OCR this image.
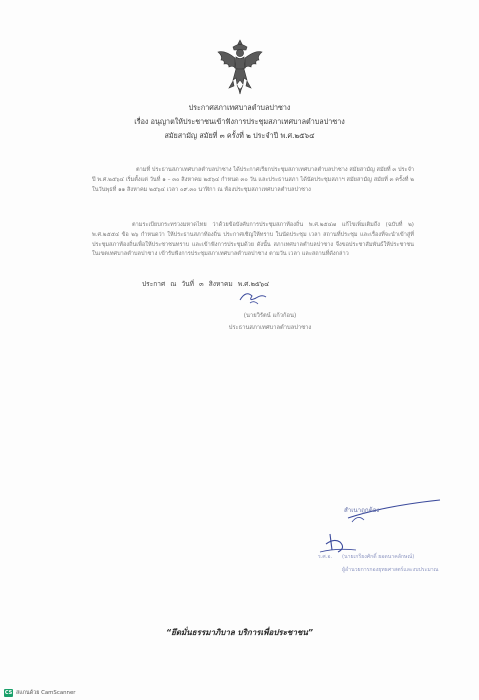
ประกาศสภาเทศบาลตำบลปาซาง
เรื่อง อนุญาตให้ประชาชนเข้าฟังการประชุมสภาเทศบาลตำบลปาซาง
สมัยสามัญ สมัยที่ ๓ ครั้งที่ ๒ ประจำปี พ.ศ.๒๕๖๔
ตามที่ ประธานสภาเทศบาลตำบลปาซาง ได้ประกาศเรียกประชุมสภาเทศบาลตำบลปาซาง สมัยสามัญ สมัยที่ ๓ ประจำปี พ.ศ.๒๕๖๔ เริ่มตั้งแต่ วันที่ ๑ – ๓๐ สิงหาคม ๒๕๖๔ กำหนด ๓๐ วัน และประธานสภา ได้นัดประชุมสภาฯ สมัยสามัญ สมัยที่ ๓ ครั้งที่ ๒ ในวันพุธที่ ๑๑ สิงหาคม ๒๕๖๔ เวลา ๐๙.๓๐ นาฬิกา ณ ห้องประชุมสภาเทศบาลตำบลปาซาง
ตามระเบียบกระทรวงมหาดไทย ว่าด้วยข้อบังคับการประชุมสภาท้องถิ่น พ.ศ.๒๕๔๗ แก้ไขเพิ่มเติมถึง (ฉบับที่ ๒) พ.ศ.๒๕๕๔ ข้อ ๒๖ กำหนดว่า ให้ประธานสภาท้องถิ่น ประกาศเชิญให้ทราบ ในนัดประชุม เวลา สถานที่ประชุม และเรื่องที่จะนำเข้าสู่ที่ประชุมสภาท้องถิ่นเพื่อให้ประชาชนทราบ และเข้าฟังการประชุมด้วย ดังนั้น สภาเทศบาลตำบลปาซาง จึงขอประชาสัมพันธ์ให้ประชาชนในเขตเทศบาลตำบลปาซาง เข้ารับฟังการประชุมสภาเทศบาลตำบลปาซาง ตามวัน เวลา และสถานที่ดังกล่าว
ประกาศ ณ วันที่ ๓ สิงหาคม พ.ศ.๒๕๖๔
(นายวิรัตน์ แก้วก้อน)
ประธานสภาเทศบาลตำบลปาซาง
สำเนาถูกต้อง
ร.ศ.อ. (นายเกรียงศักดิ์ ยอดนาคลักษณ์)
ผู้อำนวยการกองยุทธศาสตร์และงบประมาณ
“ยึดมั่นธรรมาภิบาล บริการเพื่อประชาชน”
CS สแกนด้วย CamScanner
